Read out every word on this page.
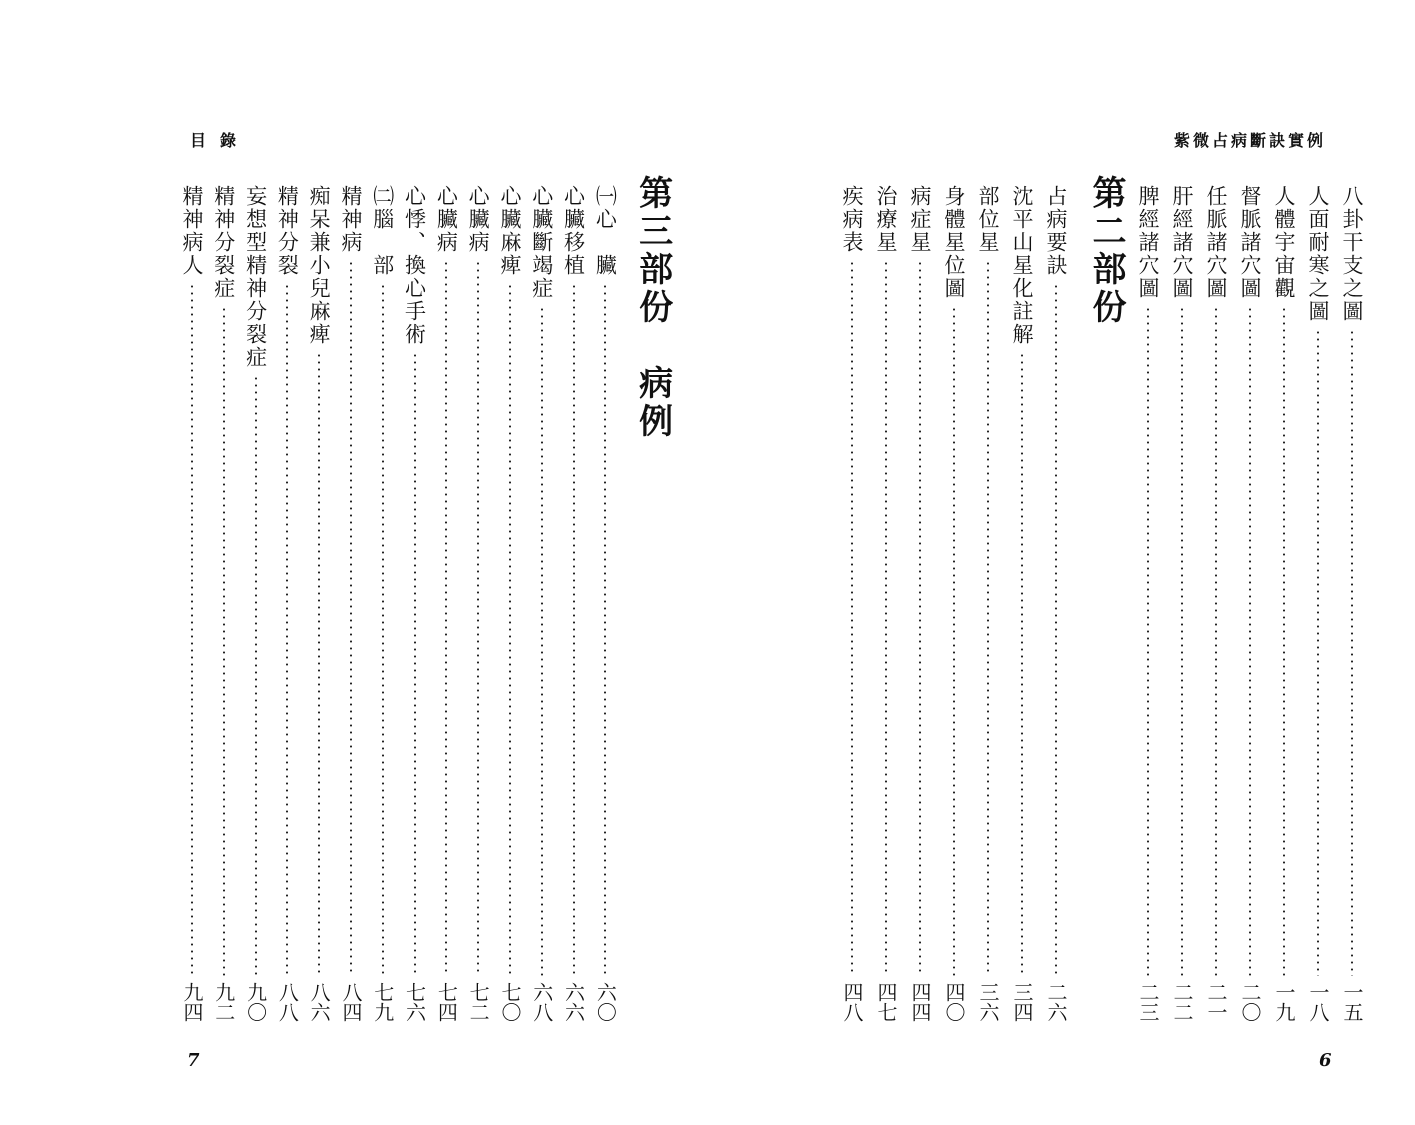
目錄
第三部份　病例
㈠心　臟
六〇
心臟移植
六六
心臟斷竭症
六八
心臟麻痺
七〇
心臟病
七二
心臟病
七四
心悸、換心手術
七六
㈡腦　部
七九
精神病
八四
痴呆兼小兒麻痺
八六
精神分裂
八八
妄想型精神分裂症
九〇
精神分裂症
九二
精神病人
九四
7
紫微占病斷訣實例
八卦干支之圖
一五
人面耐寒之圖
一八
人體宇宙觀
一九
督脈諸穴圖
二〇
任脈諸穴圖
二一
肝經諸穴圖
二二
脾經諸穴圖
二三
第二部份
占病要訣
二六
沈平山星化註解
三四
部位星
三六
身體星位圖
四〇
病症星
四四
治療星
四七
疾病表
四八
6
